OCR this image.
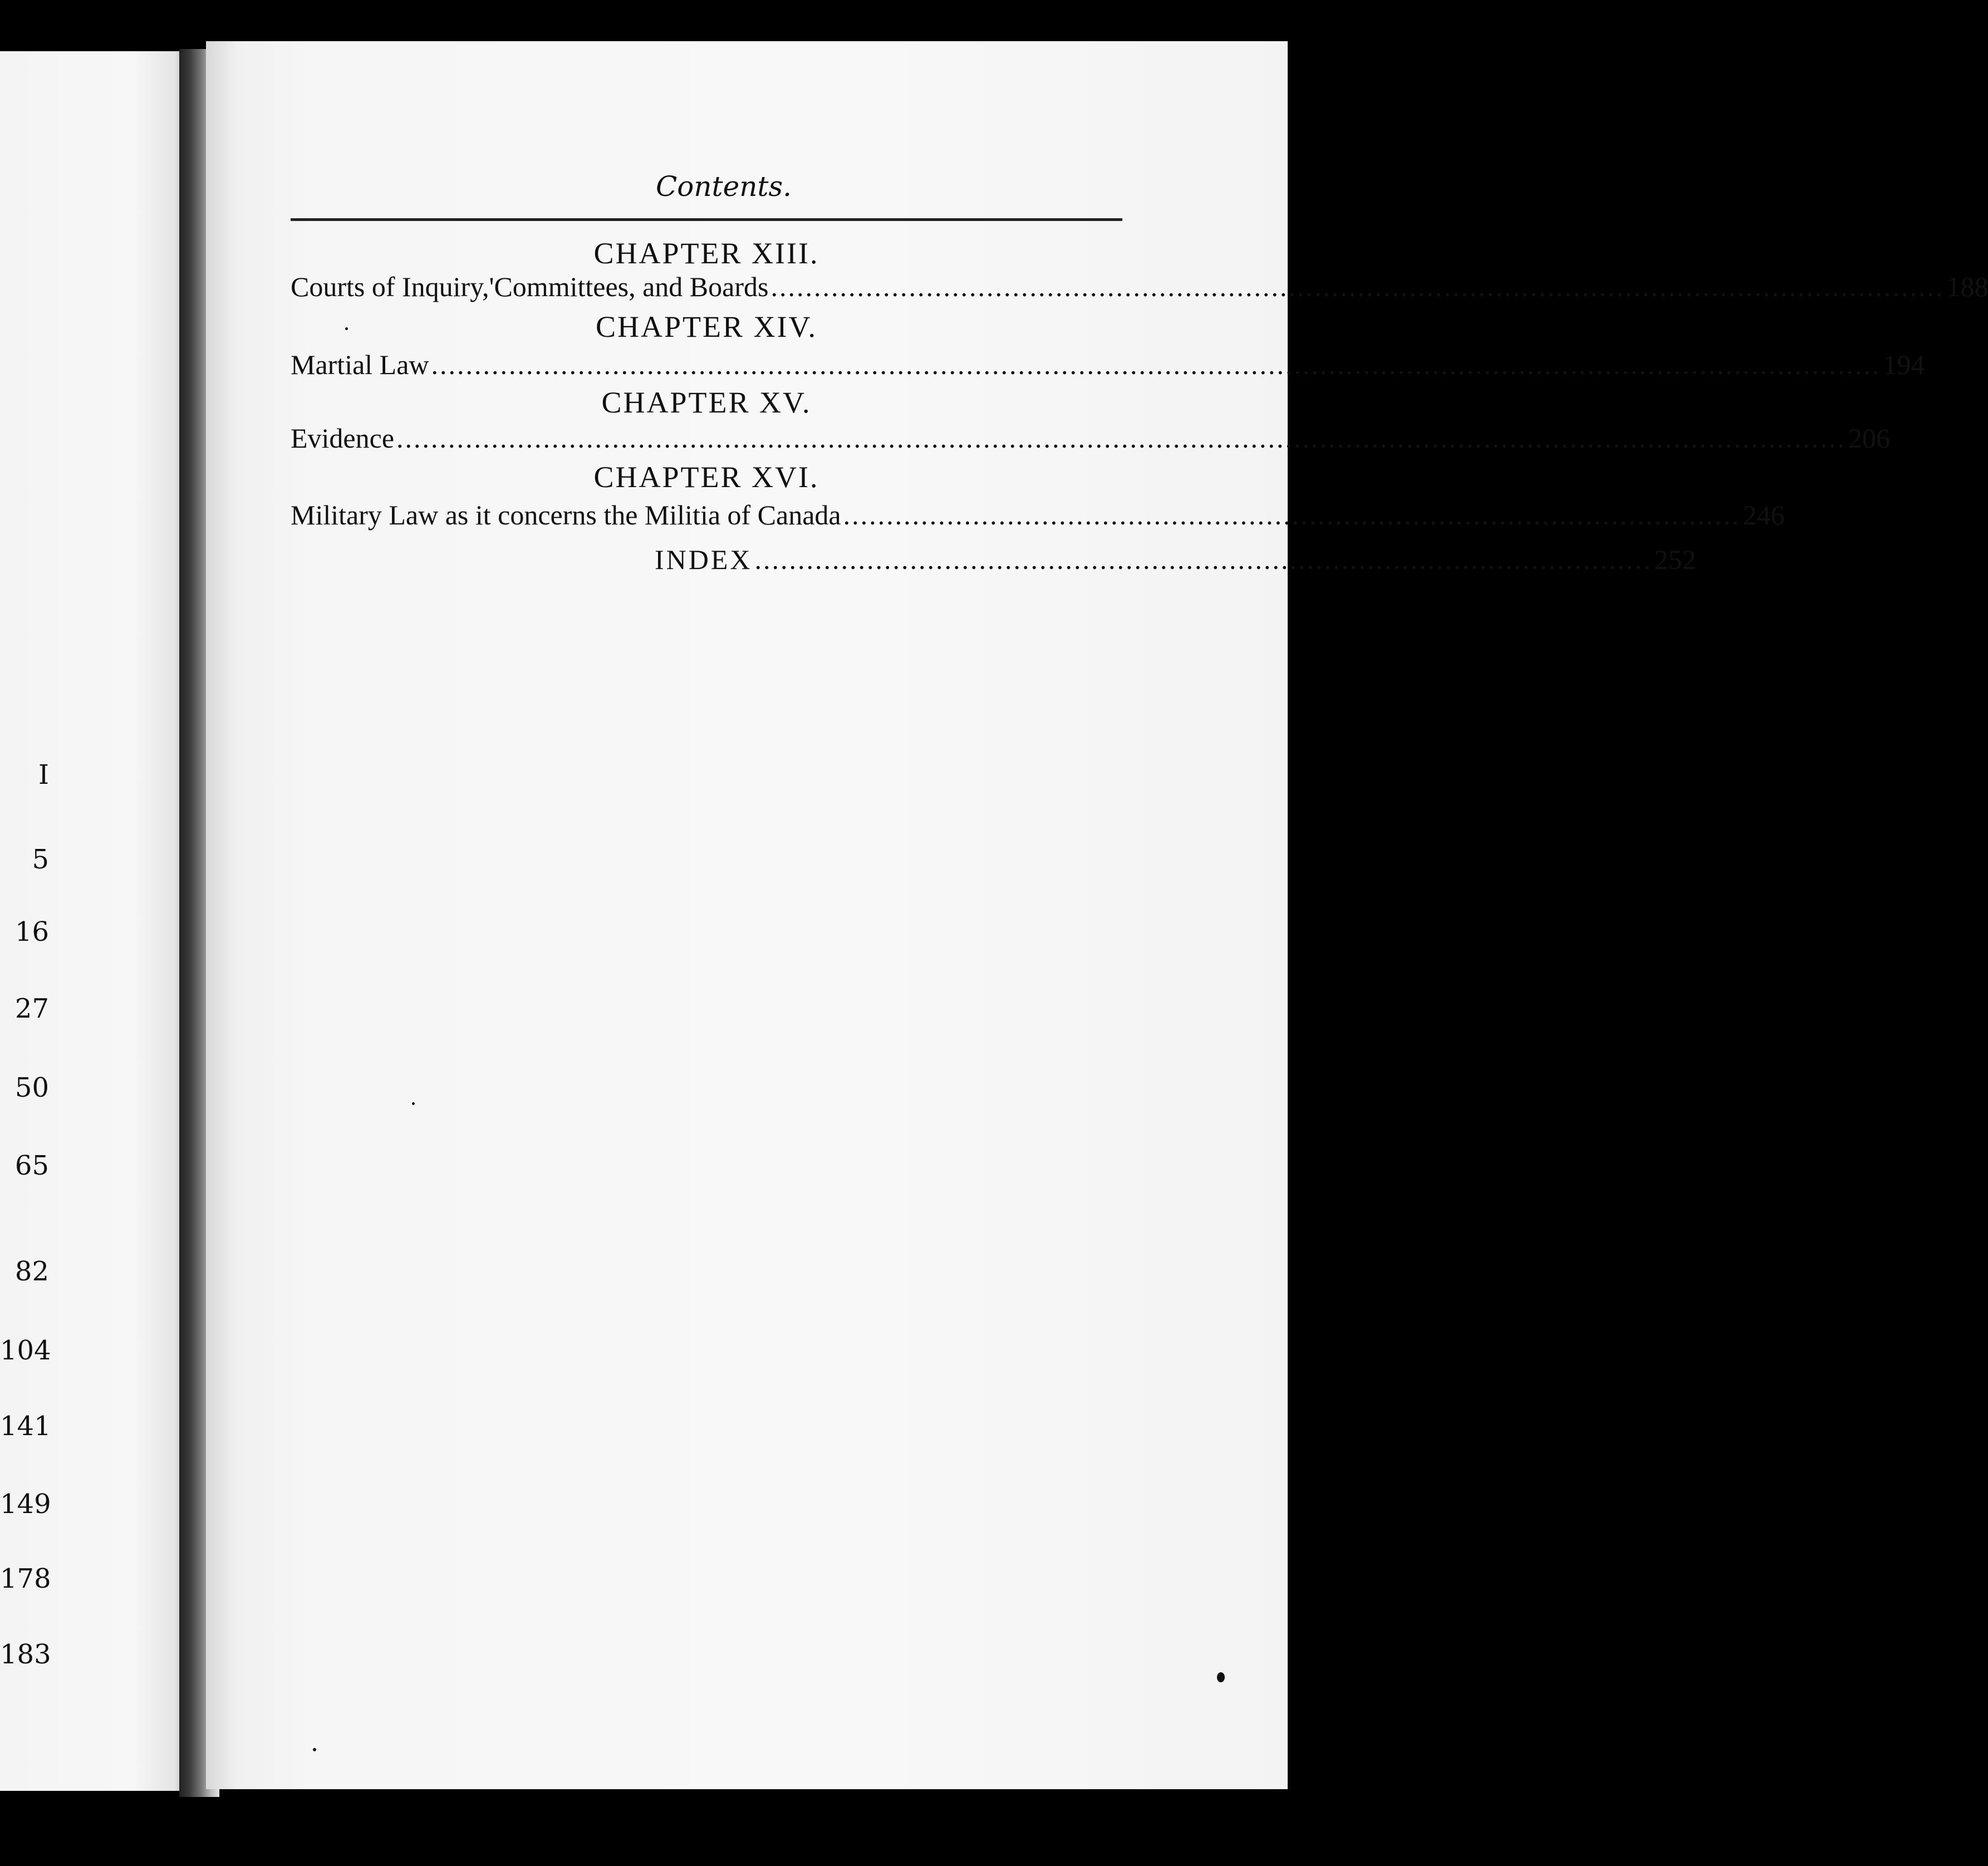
I
5
16
27
50
65
82
104
141
149
178
183
Contents.
CHAPTER XIII.
Courts of Inquiry,'Committees, and Boards ........................................................................................................................................ 188
CHAPTER XIV.
Martial Law ........................................................................................................................................................................ 194
CHAPTER XV.
Evidence ........................................................................................................................................................................ 206
CHAPTER XVI.
Military Law as it concerns the Militia of Canada ........................................................................................................ 246
INDEX ........................................................................................................ 252
